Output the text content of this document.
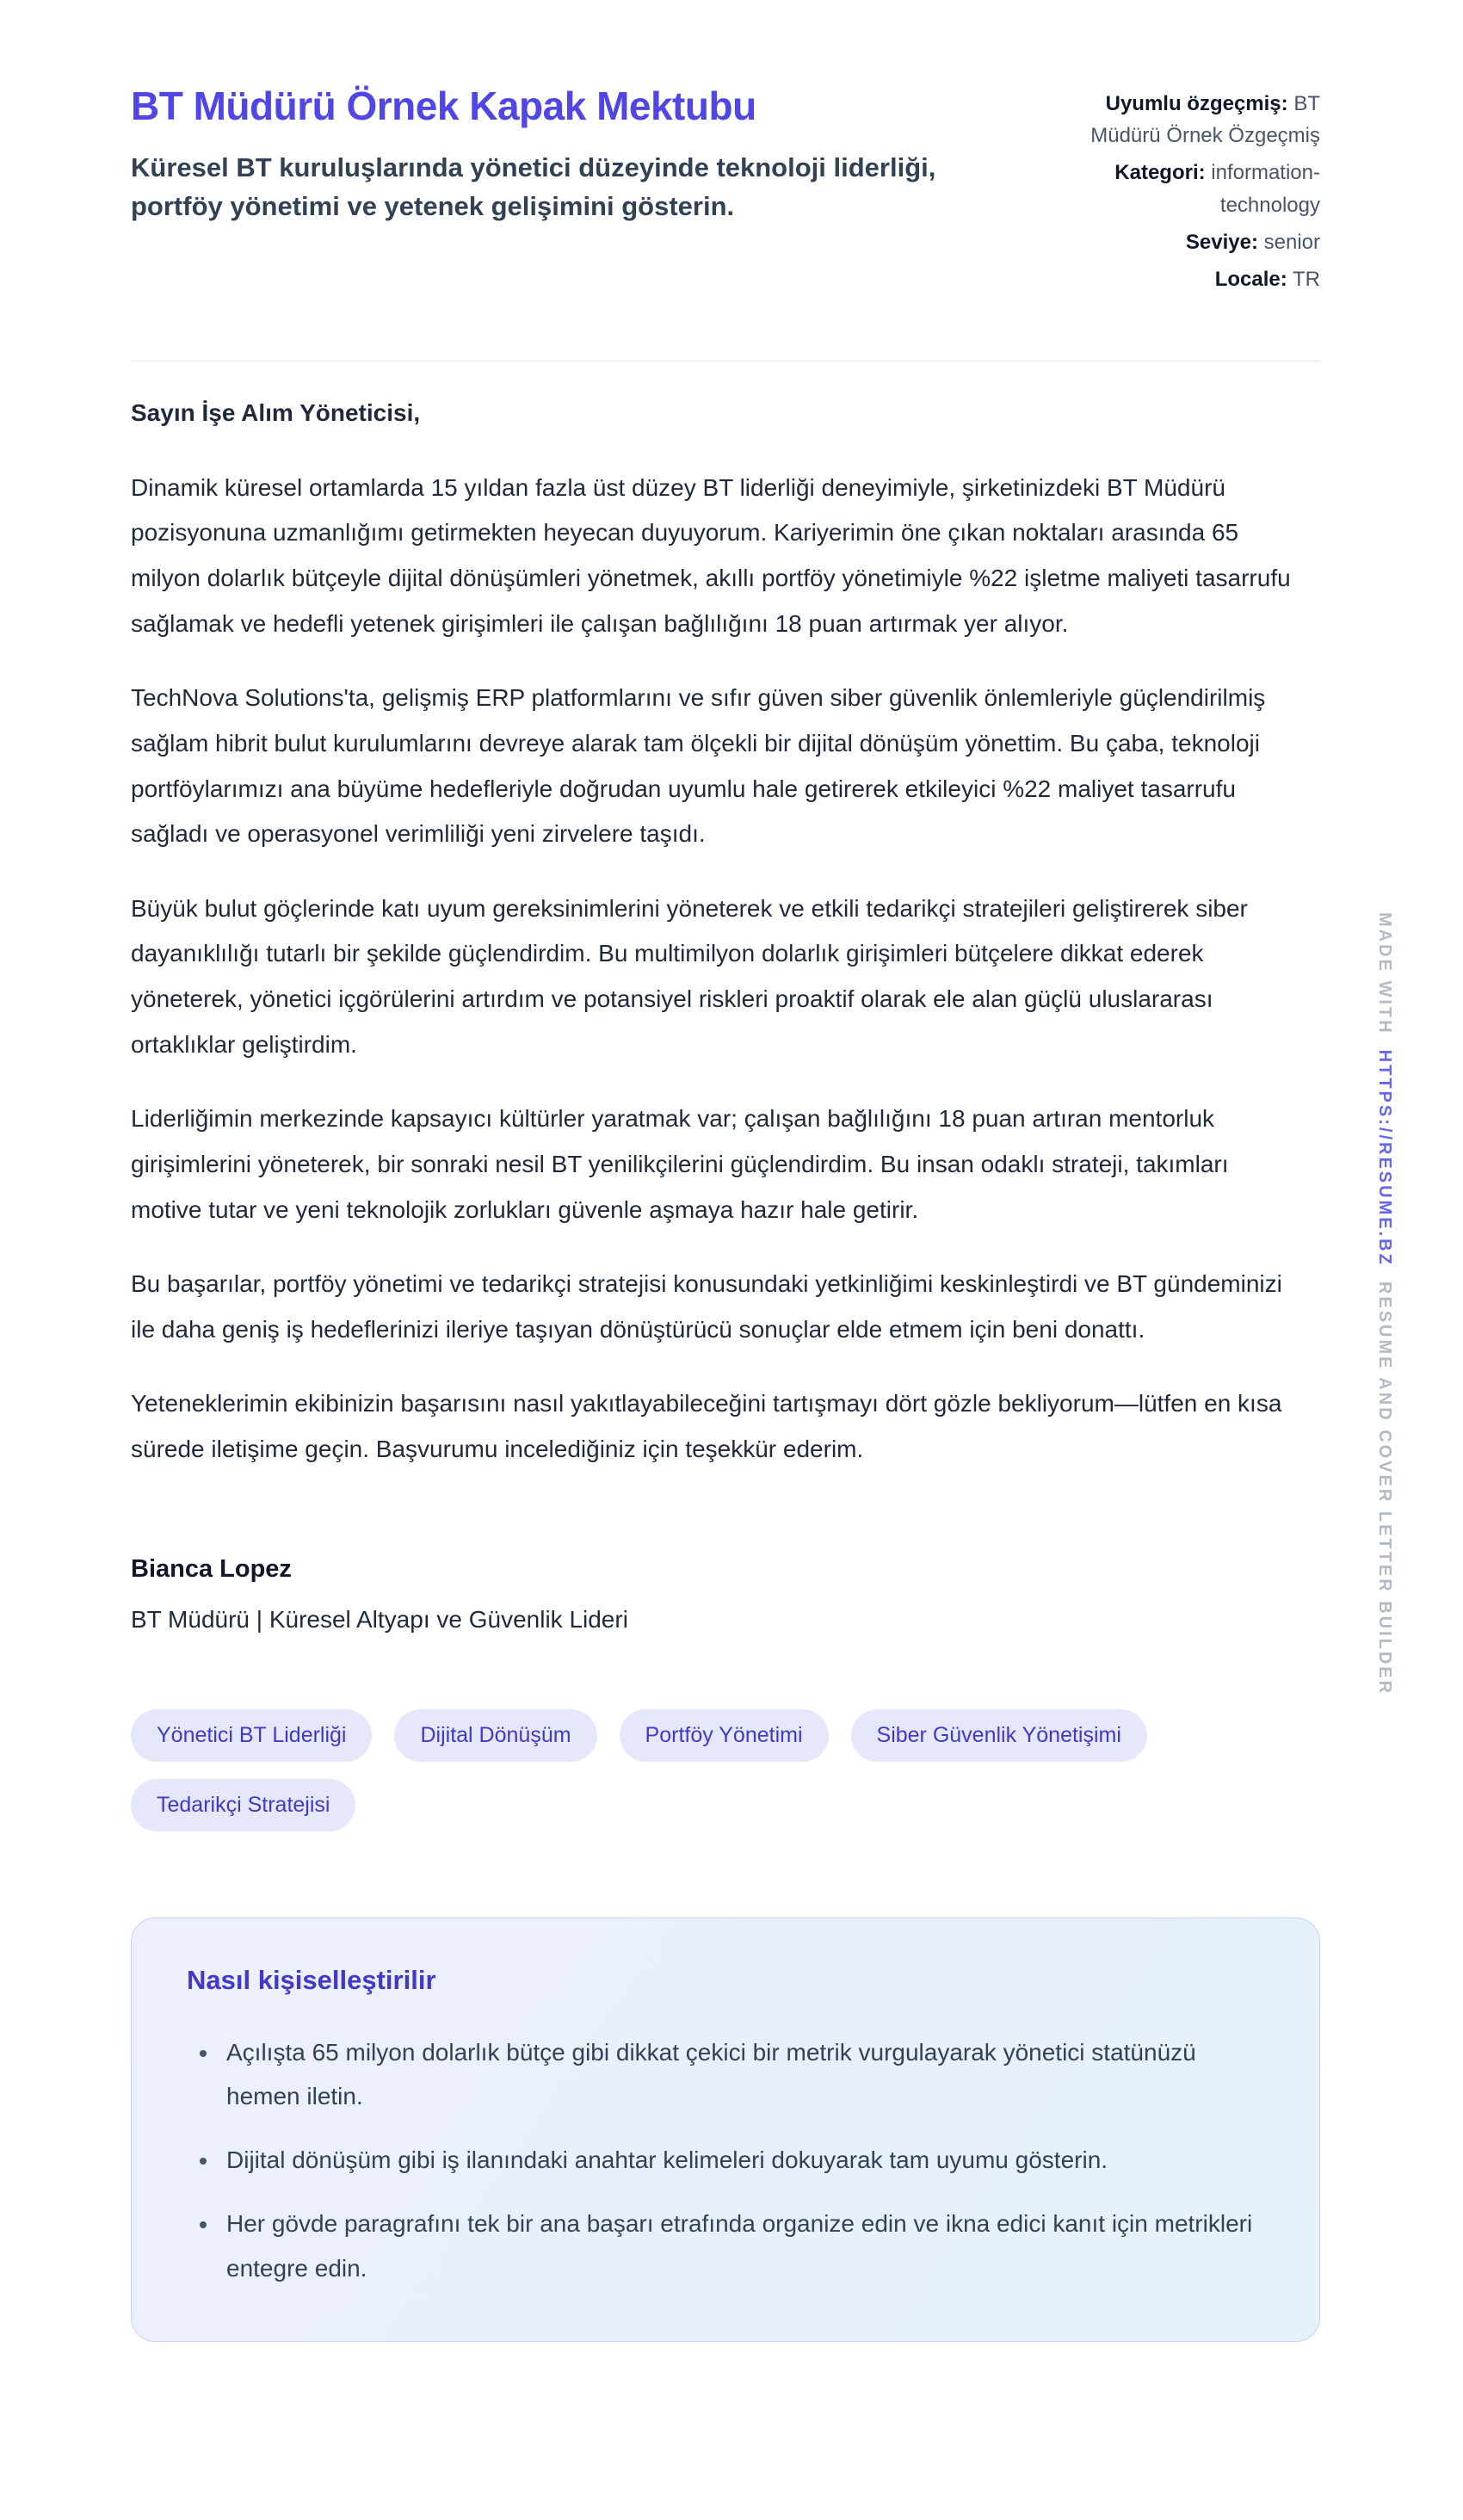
BT Müdürü Örnek Kapak Mektubu

Küresel BT kuruluşlarında yönetici düzeyinde teknoloji liderliği, portföy yönetimi ve yetenek gelişimini gösterin.

Uyumlu özgeçmiş: BT Müdürü Örnek Özgeçmiş
Kategori: information-technology
Seviye: senior
Locale: TR

Sayın İşe Alım Yöneticisi,

Dinamik küresel ortamlarda 15 yıldan fazla üst düzey BT liderliği deneyimiyle, şirketinizdeki BT Müdürü pozisyonuna uzmanlığımı getirmekten heyecan duyuyorum. Kariyerimin öne çıkan noktaları arasında 65 milyon dolarlık bütçeyle dijital dönüşümleri yönetmek, akıllı portföy yönetimiyle %22 işletme maliyeti tasarrufu sağlamak ve hedefli yetenek girişimleri ile çalışan bağlılığını 18 puan artırmak yer alıyor.

TechNova Solutions'ta, gelişmiş ERP platformlarını ve sıfır güven siber güvenlik önlemleriyle güçlendirilmiş sağlam hibrit bulut kurulumlarını devreye alarak tam ölçekli bir dijital dönüşüm yönettim. Bu çaba, teknoloji portföylarımızı ana büyüme hedefleriyle doğrudan uyumlu hale getirerek etkileyici %22 maliyet tasarrufu sağladı ve operasyonel verimliliği yeni zirvelere taşıdı.

Büyük bulut göçlerinde katı uyum gereksinimlerini yöneterek ve etkili tedarikçi stratejileri geliştirerek siber dayanıklılığı tutarlı bir şekilde güçlendirdim. Bu multimilyon dolarlık girişimleri bütçelere dikkat ederek yöneterek, yönetici içgörülerini artırdım ve potansiyel riskleri proaktif olarak ele alan güçlü uluslararası ortaklıklar geliştirdim.

Liderliğimin merkezinde kapsayıcı kültürler yaratmak var; çalışan bağlılığını 18 puan artıran mentorluk girişimlerini yöneterek, bir sonraki nesil BT yenilikçilerini güçlendirdim. Bu insan odaklı strateji, takımları motive tutar ve yeni teknolojik zorlukları güvenle aşmaya hazır hale getirir.

Bu başarılar, portföy yönetimi ve tedarikçi stratejisi konusundaki yetkinliğimi keskinleştirdi ve BT gündeminizi ile daha geniş iş hedeflerinizi ileriye taşıyan dönüştürücü sonuçlar elde etmem için beni donattı.

Yeteneklerimin ekibinizin başarısını nasıl yakıtlayabileceğini tartışmayı dört gözle bekliyorum—lütfen en kısa sürede iletişime geçin. Başvurumu incelediğiniz için teşekkür ederim.

Bianca Lopez
BT Müdürü | Küresel Altyapı ve Güvenlik Lideri
Yönetici BT Liderliği	Dijital Dönüşüm	Portföy Yönetimi	Siber Güvenlik Yönetişimi
Tedarikçi Stratejisi
Nasıl kişiselleştirilir
• Açılışta 65 milyon dolarlık bütçe gibi dikkat çekici bir metrik vurgulayarak yönetici statünüzü hemen iletin.
• Dijital dönüşüm gibi iş ilanındaki anahtar kelimeleri dokuyarak tam uyumu gösterin.
• Her gövde paragrafını tek bir ana başarı etrafında organize edin ve ikna edici kanıt için metrikleri entegre edin.
MADE WITH  HTTPS://RESUME.BZ  RESUME AND COVER LETTER BUILDER
